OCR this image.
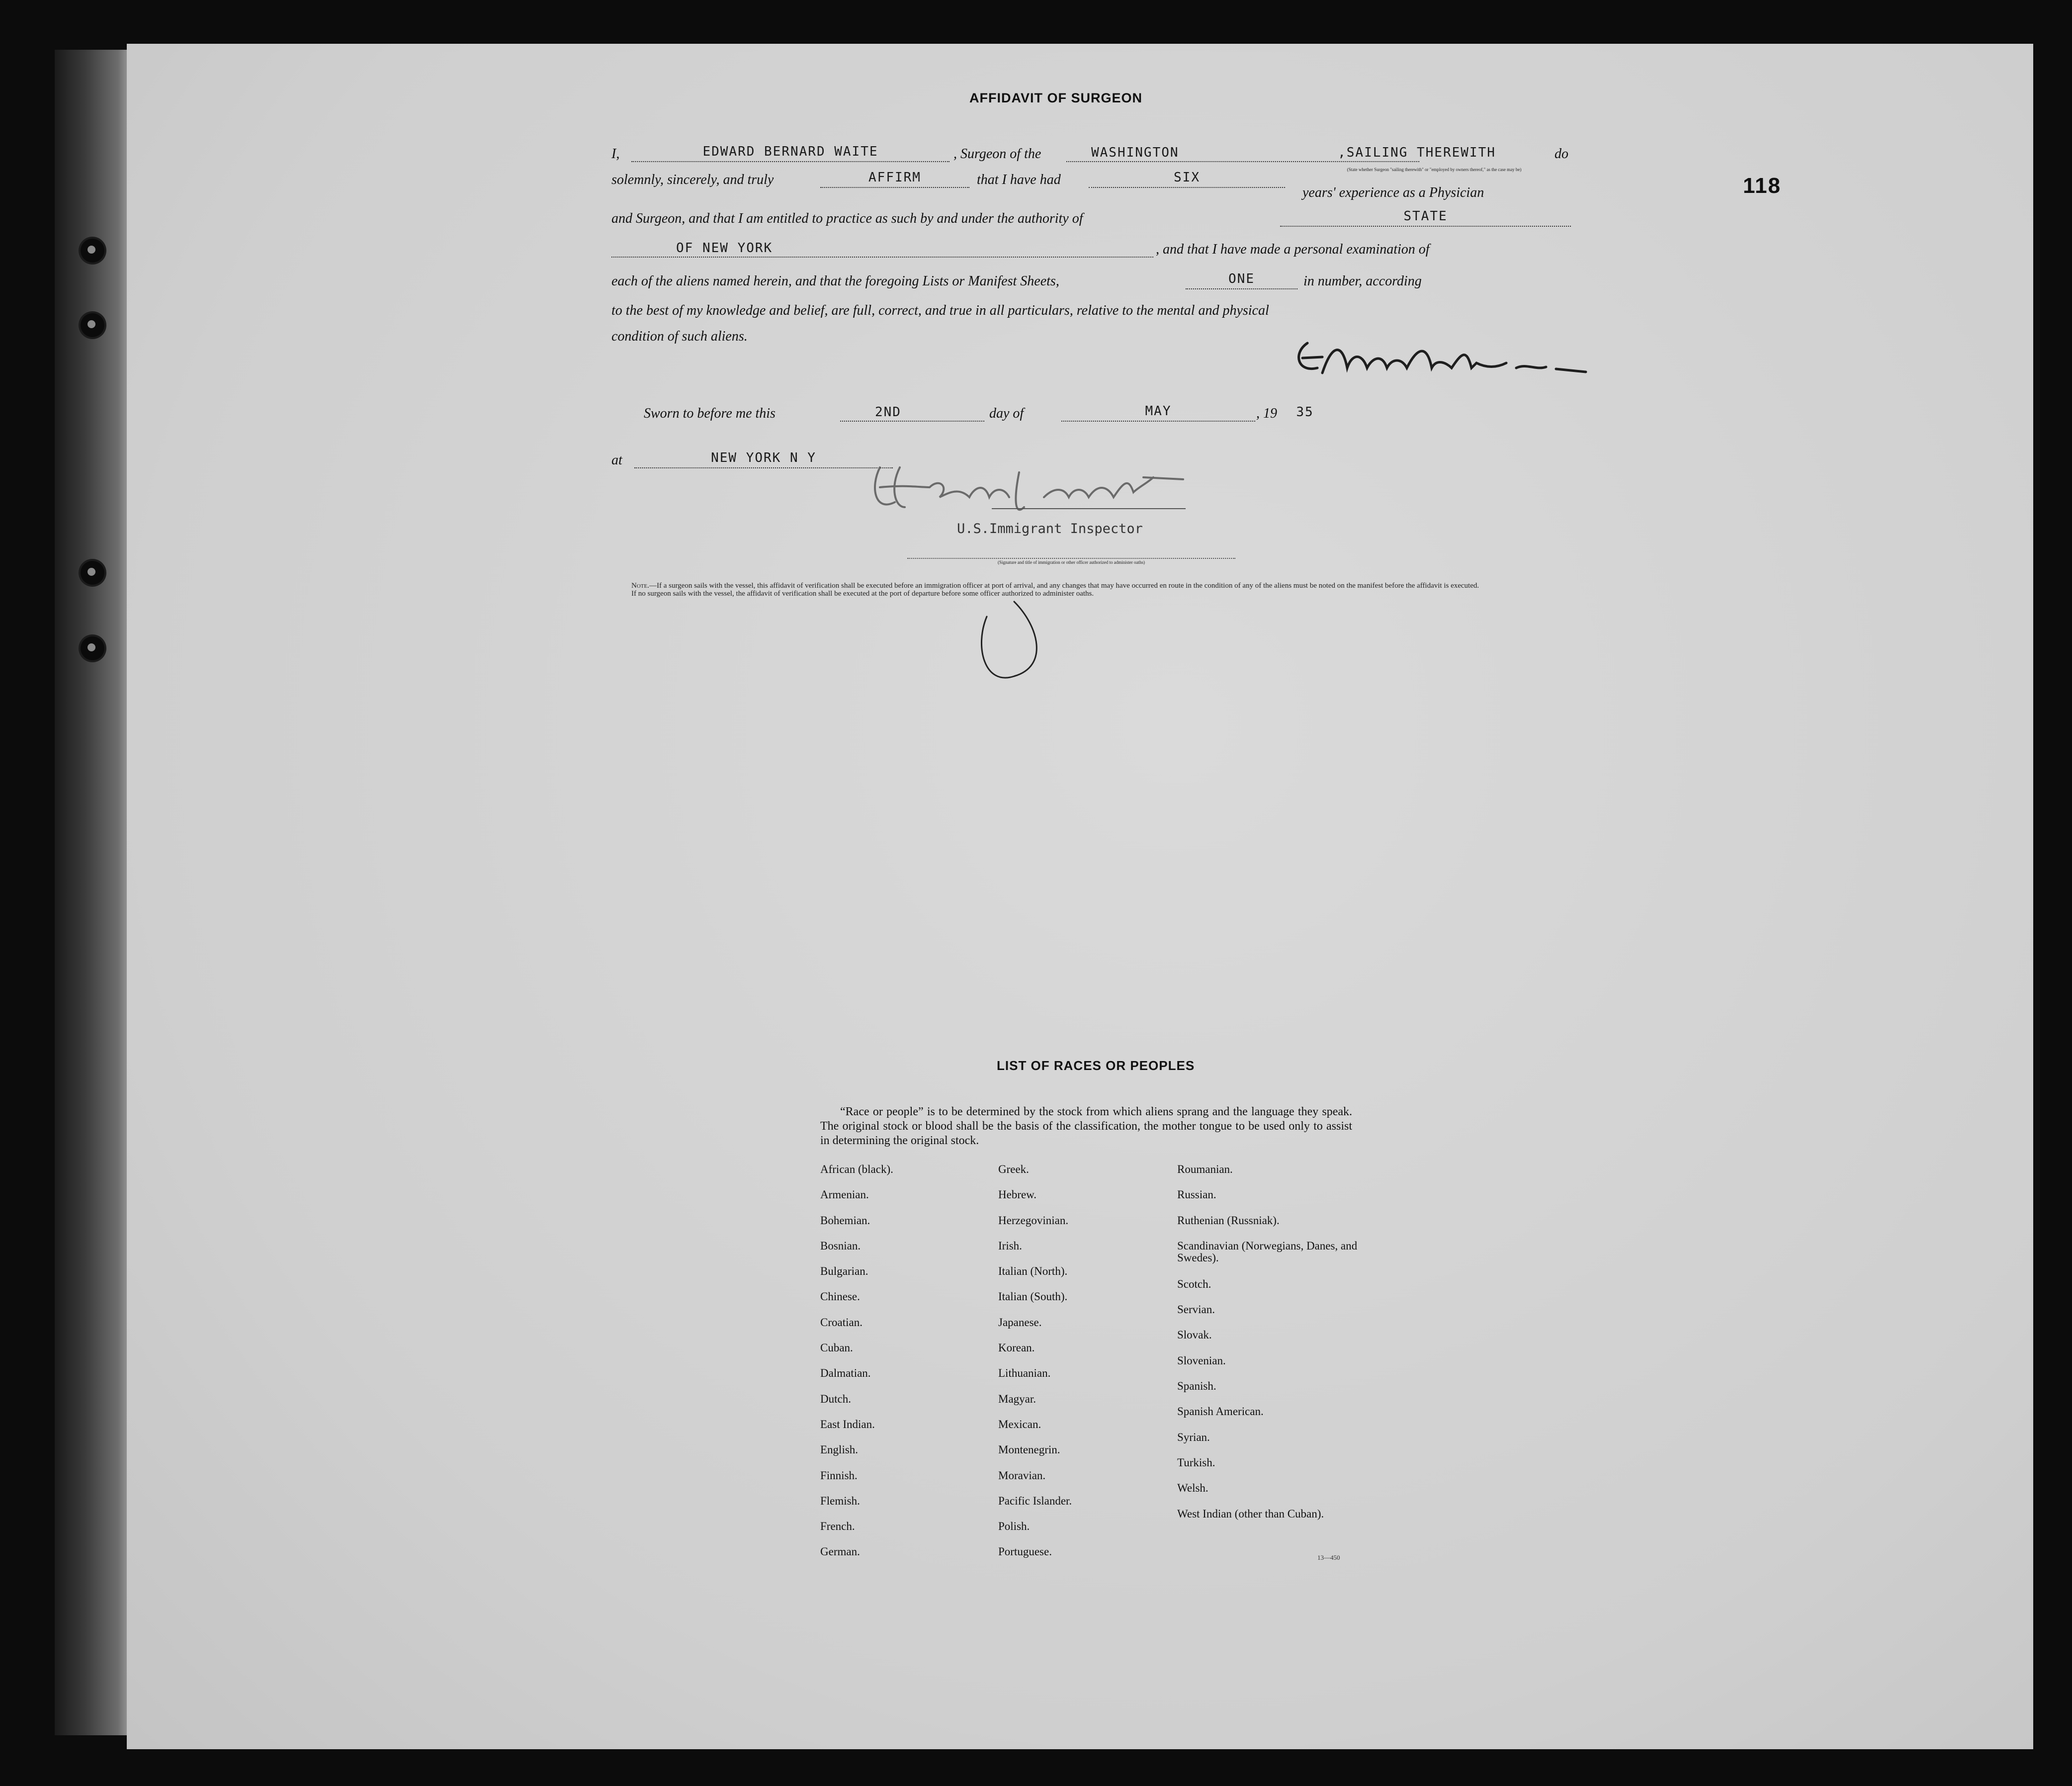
AFFIDAVIT OF SURGEON
I,	EDWARD BERNARD WAITE	, Surgeon of the	WASHINGTON	,SAILING THEREWITH	do
(State whether Surgeon "sailing therewith" or "employed by owners thereof," as the case may be)
solemnly, sincerely, and truly	AFFIRM	that I have had	SIX
years' experience as a Physician
and Surgeon, and that I am entitled to practice as such by and under the authority of	STATE
OF NEW YORK	, and that I have made a personal examination of
each of the aliens named herein, and that the foregoing Lists or Manifest Sheets,	ONE	in number, according
to the best of my knowledge and belief, are full, correct, and true in all particulars, relative to the mental and physical
condition of such aliens.
Sworn to before me this	2ND	day of	MAY	, 19	35
at	NEW YORK N Y
U.S.Immigrant Inspector
(Signature and title of immigration or other officer authorized to administer oaths)

Note.—If a surgeon sails with the vessel, this affidavit of verification shall be executed before an immigration officer at port of arrival, and any changes that may have occurred en route in the condition of any of the aliens must be noted on the manifest before the affidavit is executed.

If no surgeon sails with the vessel, the affidavit of verification shall be executed at the port of departure before some officer authorized to administer oaths.

118
LIST OF RACES OR PEOPLES
“Race or people” is to be determined by the stock from which aliens sprang and the language they speak. The original stock or blood shall be the basis of the classification, the mother tongue to be used only to assist in determining the original stock.
African (black).
Armenian.
Bohemian.
Bosnian.
Bulgarian.
Chinese.
Croatian.
Cuban.
Dalmatian.
Dutch.
East Indian.
English.
Finnish.
Flemish.
French.
German.
Greek.
Hebrew.
Herzegovinian.
Irish.
Italian (North).
Italian (South).
Japanese.
Korean.
Lithuanian.
Magyar.
Mexican.
Montenegrin.
Moravian.
Pacific Islander.
Polish.
Portuguese.
Roumanian.
Russian.
Ruthenian (Russniak).
Scandinavian (Norwegians, Danes, and Swedes).
Scotch.
Servian.
Slovak.
Slovenian.
Spanish.
Spanish American.
Syrian.
Turkish.
Welsh.
West Indian (other than Cuban).
13—450
